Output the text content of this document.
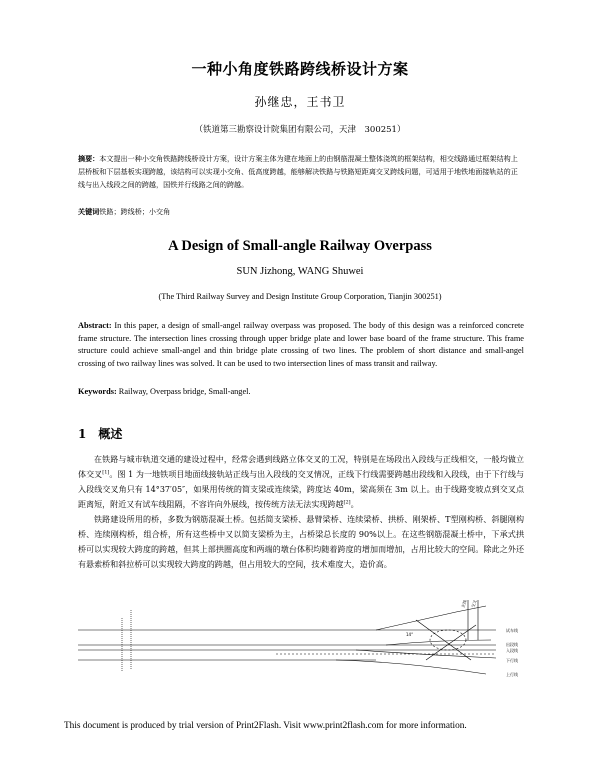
一种小角度铁路跨线桥设计方案
孙继忠，王书卫
（铁道第三勘察设计院集团有限公司，天津　300251）
摘要：本文提出一种小交角铁路跨线桥设计方案，设计方案主体为建在地面上的由钢筋混凝土整体浇筑的框架结构，相交线路通过框架结构上层桥板和下层基板实现跨越，该结构可以实现小交角、低高度跨越，能够解决铁路与铁路短距离交叉跨线问题，可适用于地铁地面接轨站的正线与出入线段之间的跨越，国铁并行线路之间的跨越。
关键词铁路；跨线桥；小交角
A Design of Small-angle Railway Overpass
SUN Jizhong, WANG Shuwei
(The Third Railway Survey and Design Institute Group Corporation, Tianjin 300251)
Abstract: In this paper, a design of small-angel railway overpass was proposed. The body of this design was a reinforced concrete frame structure. The intersection lines crossing through upper bridge plate and lower base board of the frame structure. This frame structure could achieve small-angel and thin bridge plate crossing of two lines. The problem of short distance and small-angel crossing of two railway lines was solved. It can be used to two intersection lines of mass transit and railway.
Keywords: Railway, Overpass bridge, Small-angel.
1 概述
在铁路与城市轨道交通的建设过程中，经常会遇到线路立体交叉的工况，特别是在场段出入段线与正线相交，一般均做立体交叉[1]。图 1 为一地铁项目地面线接轨站正线与出入段线的交叉情况，正线下行线需要跨越出段线和入段线，由于下行线与入段线交叉角只有 14°37′05″，如果用传统的简支梁或连续梁，跨度达 40m，梁高须在 3m 以上。由于线路变坡点到交叉点距离短，附近又有试车线阻隔，不容许向外展线，按传统方法无法实现跨越[2]。
铁路建设所用的桥，多数为钢筋混凝土桥。包括简支梁桥、悬臂梁桥、连续梁桥、拱桥、刚架桥、T型刚构桥、斜腿刚构桥、连续刚构桥，组合桥，所有这些桥中又以简支梁桥为主，占桥梁总长度的 90%以上。在这些钢筋混凝土桥中，下承式拱桥可以实现较大跨度的跨越，但其上部拱圈高度和两端的墩台体积均随着跨度的增加而增加，占用比较大的空间。除此之外还有悬索桥和斜拉桥可以实现较大跨度的跨越，但占用较大的空间，技术难度大，造价高。
正线 交叉
试车线
出段线
入段线
下行线
上行线
14°
This document is produced by trial version of Print2Flash. Visit www.print2flash.com for more information.
